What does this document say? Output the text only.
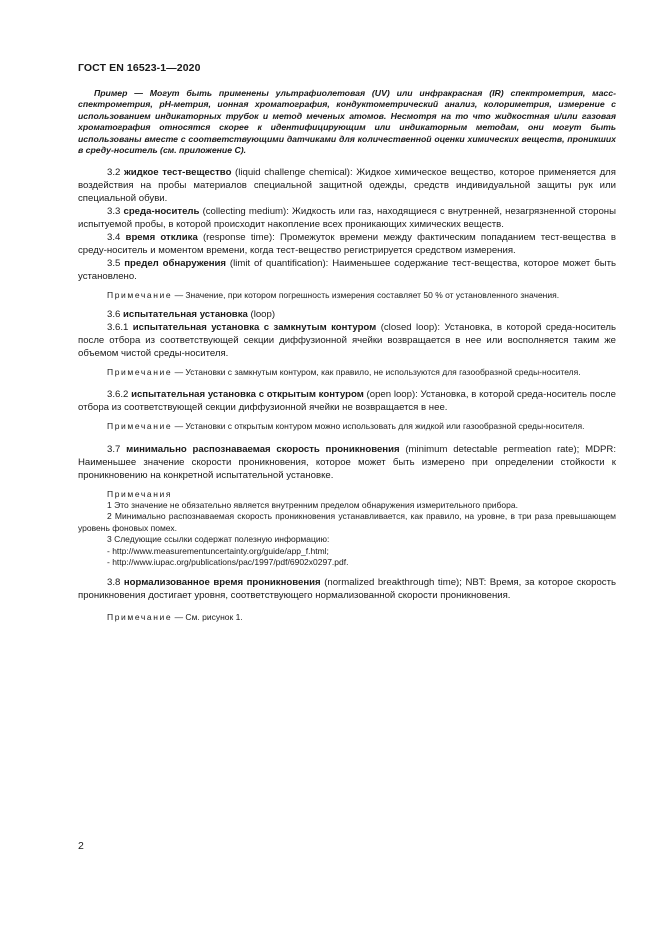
ГОСТ EN 16523-1—2020

Пример — Могут быть применены ультрафиолетовая (UV) или инфракрасная (IR) спектрометрия, масс-спектрометрия, pH-метрия, ионная хроматография, кондуктометрический анализ, колориметрия, измерение с использованием индикаторных трубок и метод меченых атомов. Несмотря на то что жидкостная и/или газовая хроматография относятся скорее к идентифицирующим или индикаторным методам, они могут быть использованы вместе с соответствующими датчиками для количественной оценки химических веществ, проникших в среду-носитель (см. приложение С).

3.2 жидкое тест-вещество (liquid challenge chemical): Жидкое химическое вещество, которое применяется для воздействия на пробы материалов специальной защитной одежды, средств индивидуальной защиты рук или специальной обуви.

3.3 среда-носитель (collecting medium): Жидкость или газ, находящиеся с внутренней, незагрязненной стороны испытуемой пробы, в которой происходит накопление всех проникающих химических веществ.

3.4 время отклика (response time): Промежуток времени между фактическим попаданием тест-вещества в среду-носитель и моментом времени, когда тест-вещество регистрируется средством измерения.

3.5 предел обнаружения (limit of quantification): Наименьшее содержание тест-вещества, которое может быть установлено.

Примечание — Значение, при котором погрешность измерения составляет 50 % от установленного значения.

3.6 испытательная установка (loop)

3.6.1 испытательная установка с замкнутым контуром (closed loop): Установка, в которой среда-носитель после отбора из соответствующей секции диффузионной ячейки возвращается в нее или восполняется таким же объемом чистой среды-носителя.

Примечание — Установки с замкнутым контуром, как правило, не используются для газообразной среды-носителя.

3.6.2 испытательная установка с открытым контуром (open loop): Установка, в которой среда-носитель после отбора из соответствующей секции диффузионной ячейки не возвращается в нее.

Примечание — Установки с открытым контуром можно использовать для жидкой или газообразной среды-носителя.

3.7 минимально распознаваемая скорость проникновения (minimum detectable permeation rate); MDPR: Наименьшее значение скорости проникновения, которое может быть измерено при определении стойкости к проникновению на конкретной испытательной установке.

Примечания

1 Это значение не обязательно является внутренним пределом обнаружения измерительного прибора.

2 Минимально распознаваемая скорость проникновения устанавливается, как правило, на уровне, в три раза превышающем уровень фоновых помех.

3 Следующие ссылки содержат полезную информацию:

- http://www.measurementuncertainty.org/guide/app_f.html;

- http://www.iupac.org/publications/pac/1997/pdf/6902x0297.pdf.

3.8 нормализованное время проникновения (normalized breakthrough time); NBT: Время, за которое скорость проникновения достигает уровня, соответствующего нормализованной скорости проникновения.

Примечание — См. рисунок 1.

2
